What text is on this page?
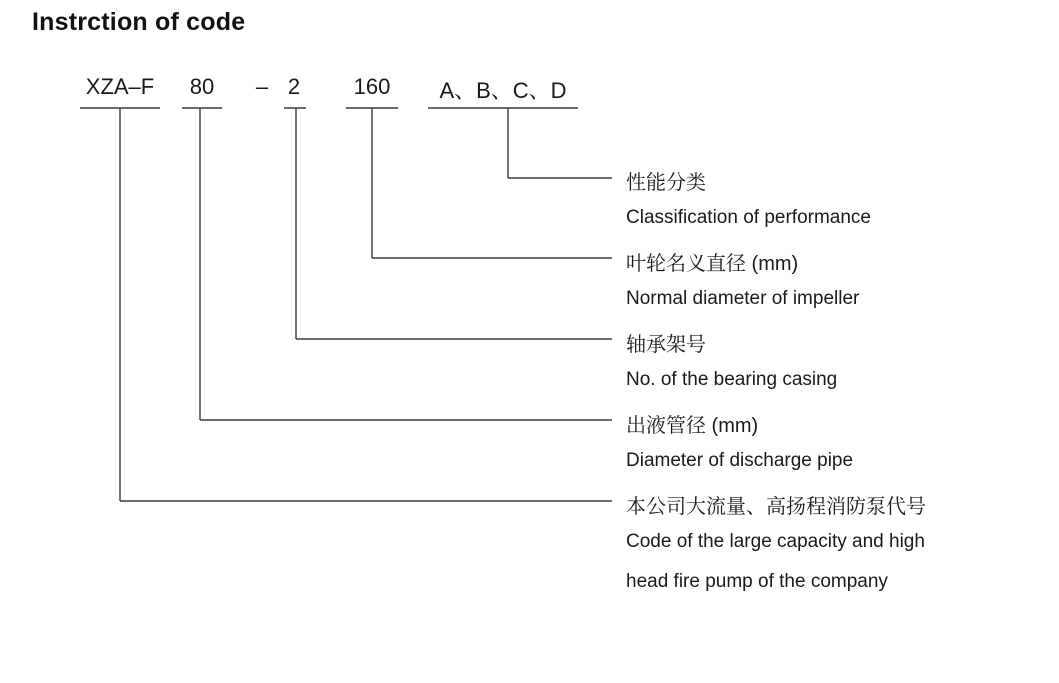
Instrction of code
XZA–F	80	– 2	160	A、B、C、D
性能分类
Classification of performance
叶轮名义直径 (mm)
Normal diameter of impeller
轴承架号
No. of the bearing casing
出液管径 (mm)
Diameter of discharge pipe
本公司大流量、高扬程消防泵代号
Code of the large capacity and high
head fire pump of the company
